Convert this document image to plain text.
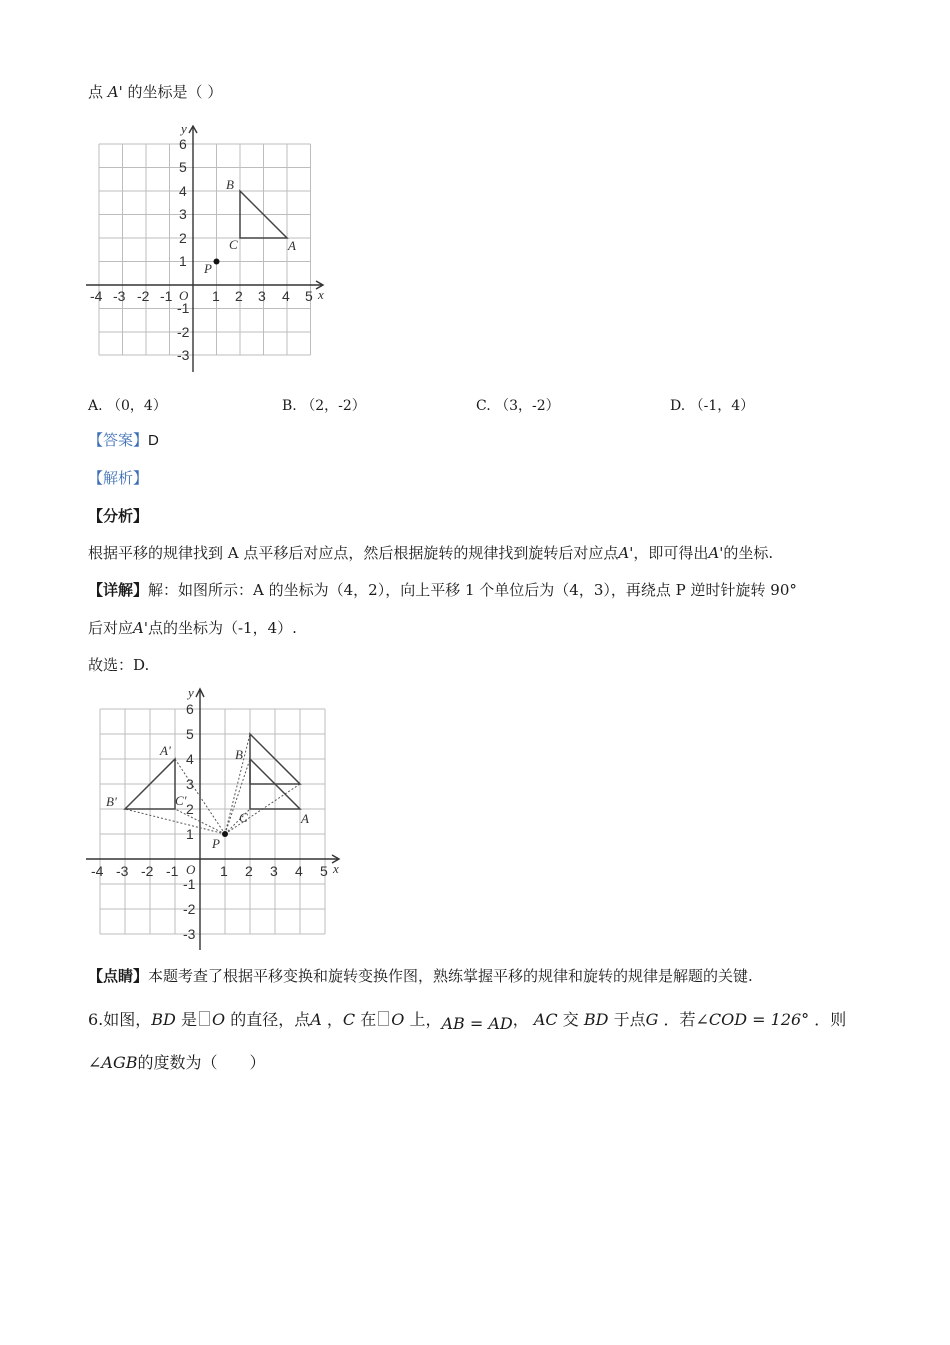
点 A' 的坐标是（ ）
x
y
O
-4 -3 -2 -1	1 2 3 4 5
6
5
4
3
2
1
-1
-2
-3
B
C	A
P
A. （0，4）	B. （2，-2）	C. （3，-2）	D. （-1，4）
【答案】D
【解析】
【分析】
根据平移的规律找到 A 点平移后对应点，然后根据旋转的规律找到旋转后对应点A'，即可得出A'的坐标.
【详解】解：如图所示：A 的坐标为（4，2），向上平移 1 个单位后为（4，3），再绕点 P 逆时针旋转 90°
后对应A'点的坐标为（-1，4）.
故选：D.
x
y
O
-4 -3 -2 -1	1 2 3 4 5
6
5
4
3
2
1
-1
-2
-3
A'
B'	C'
B
C	A
P
【点睛】本题考查了根据平移变换和旋转变换作图，熟练掌握平移的规律和旋转的规律是解题的关键.
6.如图，BD 是 O 的直径，点A ，C 在 O 上，AB = AD， AC 交 BD 于点G ．若∠COD = 126° ．则
∠AGB的度数为（　　）
